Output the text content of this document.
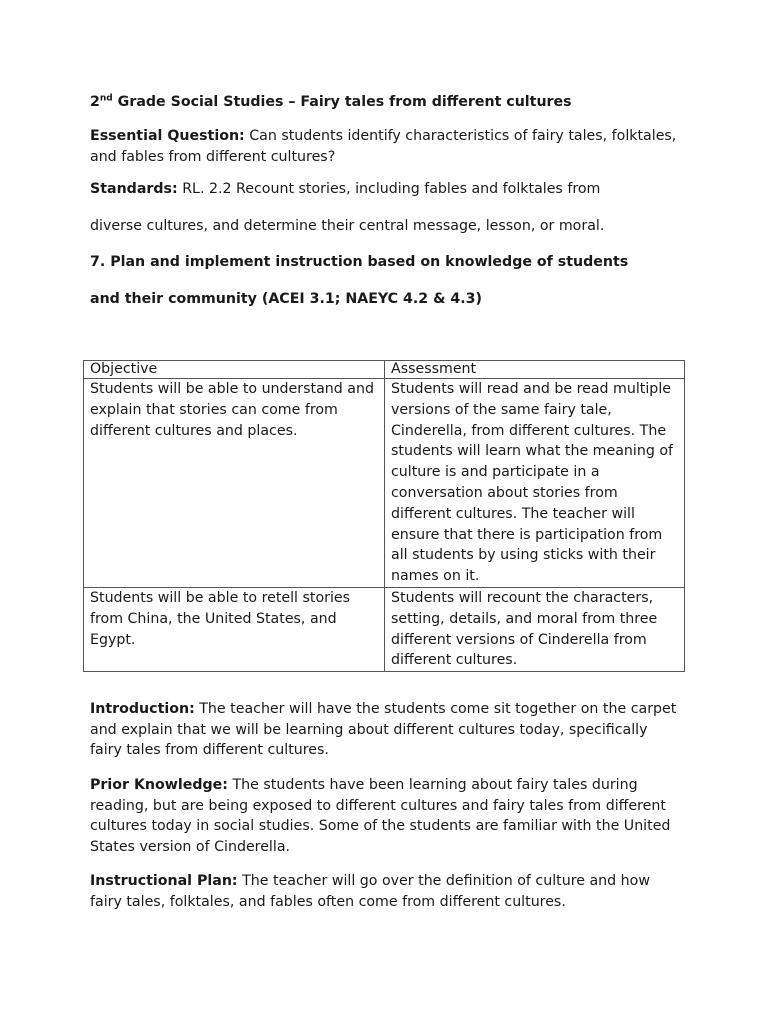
2nd Grade Social Studies – Fairy tales from different cultures
Essential Question: Can students identify characteristics of fairy tales, folktales, and fables from different cultures?
Standards: RL. 2.2 Recount stories, including fables and folktales from
diverse cultures, and determine their central message, lesson, or moral.
7. Plan and implement instruction based on knowledge of students
and their community (ACEI 3.1; NAEYC 4.2 & 4.3)
Objective	Assessment
Students will be able to understand and explain that stories can come from different cultures and places.	Students will read and be read multiple versions of the same fairy tale, Cinderella, from different cultures. The students will learn what the meaning of culture is and participate in a conversation about stories from different cultures. The teacher will ensure that there is participation from all students by using sticks with their names on it.
Students will be able to retell stories from China, the United States, and Egypt.	Students will recount the characters, setting, details, and moral from three different versions of Cinderella from different cultures.
Introduction: The teacher will have the students come sit together on the carpet and explain that we will be learning about different cultures today, specifically fairy tales from different cultures.
Prior Knowledge: The students have been learning about fairy tales during reading, but are being exposed to different cultures and fairy tales from different cultures today in social studies. Some of the students are familiar with the United States version of Cinderella.
Instructional Plan: The teacher will go over the definition of culture and how fairy tales, folktales, and fables often come from different cultures.
